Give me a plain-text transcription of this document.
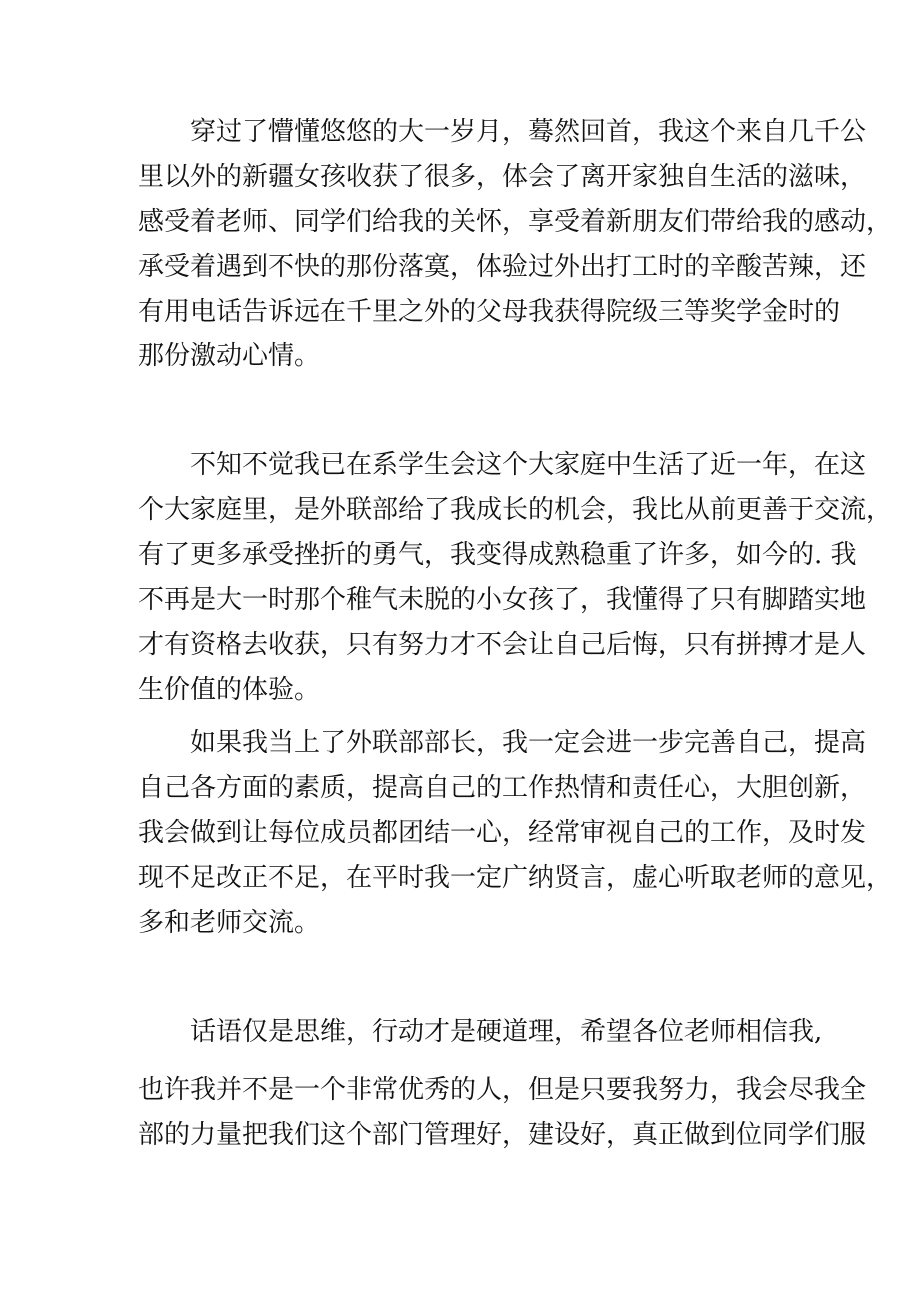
穿过了懵懂悠悠的大一岁月，蓦然回首，我这个来自几千公
里以外的新疆女孩收获了很多，体会了离开家独自生活的滋味，
感受着老师、同学们给我的关怀，享受着新朋友们带给我的感动，
承受着遇到不快的那份落寞，体验过外出打工时的辛酸苦辣，还
有用电话告诉远在千里之外的父母我获得院级三等奖学金时的
那份激动心情。
不知不觉我已在系学生会这个大家庭中生活了近一年，在这
个大家庭里，是外联部给了我成长的机会，我比从前更善于交流，
有了更多承受挫折的勇气，我变得成熟稳重了许多，如今的. 我
不再是大一时那个稚气未脱的小女孩了，我懂得了只有脚踏实地
才有资格去收获，只有努力才不会让自己后悔，只有拼搏才是人
生价值的体验。
如果我当上了外联部部长，我一定会进一步完善自己，提高
自己各方面的素质，提高自己的工作热情和责任心，大胆创新，
我会做到让每位成员都团结一心，经常审视自己的工作，及时发
现不足改正不足，在平时我一定广纳贤言，虚心听取老师的意见，
多和老师交流。
话语仅是思维，行动才是硬道理，希望各位老师相信我,
也许我并不是一个非常优秀的人，但是只要我努力，我会尽我全
部的力量把我们这个部门管理好，建设好，真正做到位同学们服
